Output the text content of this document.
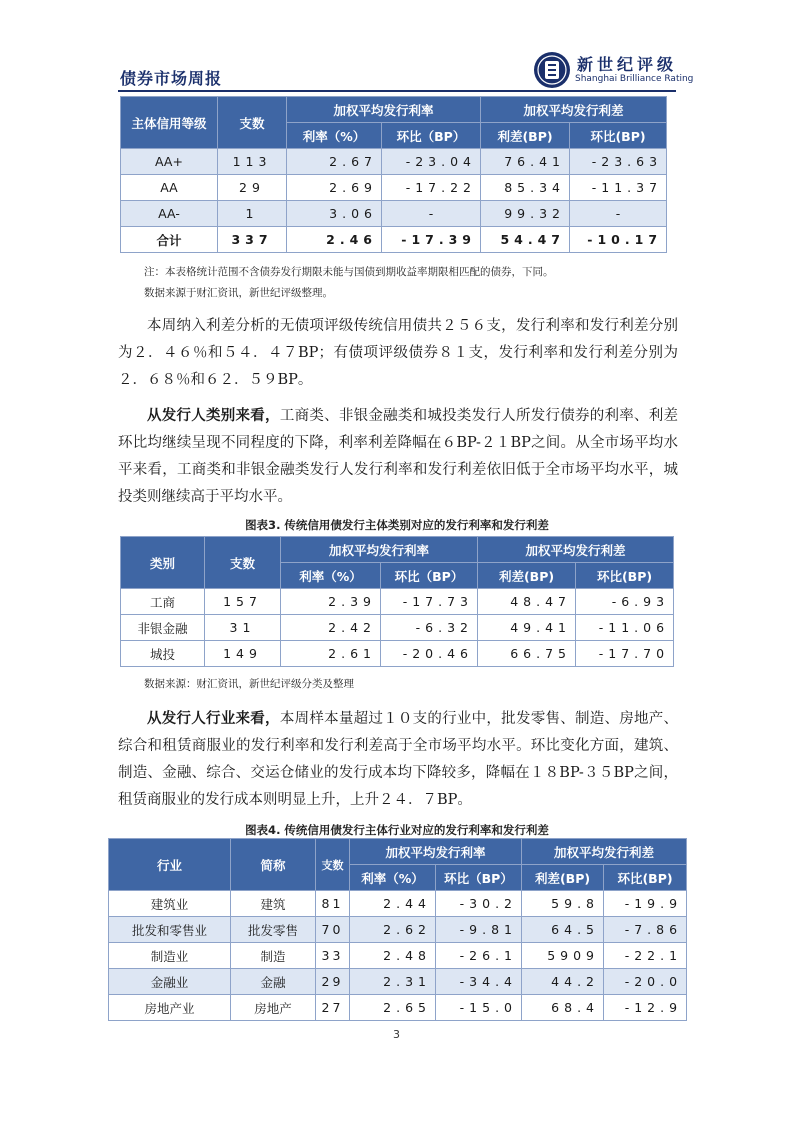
债券市场周报
新世纪评级
Shanghai Brilliance Rating
主体信用等级	支数	加权平均发行利率		加权平均发行利差	
		利率（%）	环比（BP）	利差(BP)	环比(BP)
AA+	113	2.67	-23.04	76.41	-23.63
AA	29	2.69	-17.22	85.34	-11.37
AA-	1	3.06	-	99.32	-
合计	337	2.46	-17.39	54.47	-10.17
注：本表格统计范围不含债券发行期限未能与国债到期收益率期限相匹配的债券，下同。
数据来源于财汇资讯，新世纪评级整理。
本周纳入利差分析的无债项评级传统信用债共２５６支，发行利率和发行利差分别为２．４６％和５４．４７BP；有债项评级债券８１支，发行利率和发行利差分别为２．６８％和６２．５９BP。
从发行人类别来看，工商类、非银金融类和城投类发行人所发行债券的利率、利差环比均继续呈现不同程度的下降，利率利差降幅在６BP-２１BP之间。从全市场平均水平来看，工商类和非银金融类发行人发行利率和发行利差依旧低于全市场平均水平，城投类则继续高于平均水平。
图表3. 传统信用债发行主体类别对应的发行利率和发行利差
类别	支数	加权平均发行利率		加权平均发行利差	
		利率（%）	环比（BP）	利差(BP)	环比(BP)
工商	157	2.39	-17.73	48.47	-6.93
非银金融	31	2.42	-6.32	49.41	-11.06
城投	149	2.61	-20.46	66.75	-17.70
数据来源：财汇资讯，新世纪评级分类及整理
从发行人行业来看，本周样本量超过１０支的行业中，批发零售、制造、房地产、综合和租赁商服业的发行利率和发行利差高于全市场平均水平。环比变化方面，建筑、制造、金融、综合、交运仓储业的发行成本均下降较多，降幅在１８BP-３５BP之间，租赁商服业的发行成本则明显上升，上升２４．７BP。
图表4. 传统信用债发行主体行业对应的发行利率和发行利差
行业	简称	支数	加权平均发行利率		加权平均发行利差	
			利率（%）	环比（BP）	利差(BP)	环比(BP)
建筑业	建筑	81	2.44	-30.2	59.8	-19.9
批发和零售业	批发零售	70	2.62	-9.81	64.5	-7.86
制造业	制造	33	2.48	-26.1	5909	-22.1
金融业	金融	29	2.31	-34.4	44.2	-20.0
房地产业	房地产	27	2.65	-15.0	68.4	-12.9
3
